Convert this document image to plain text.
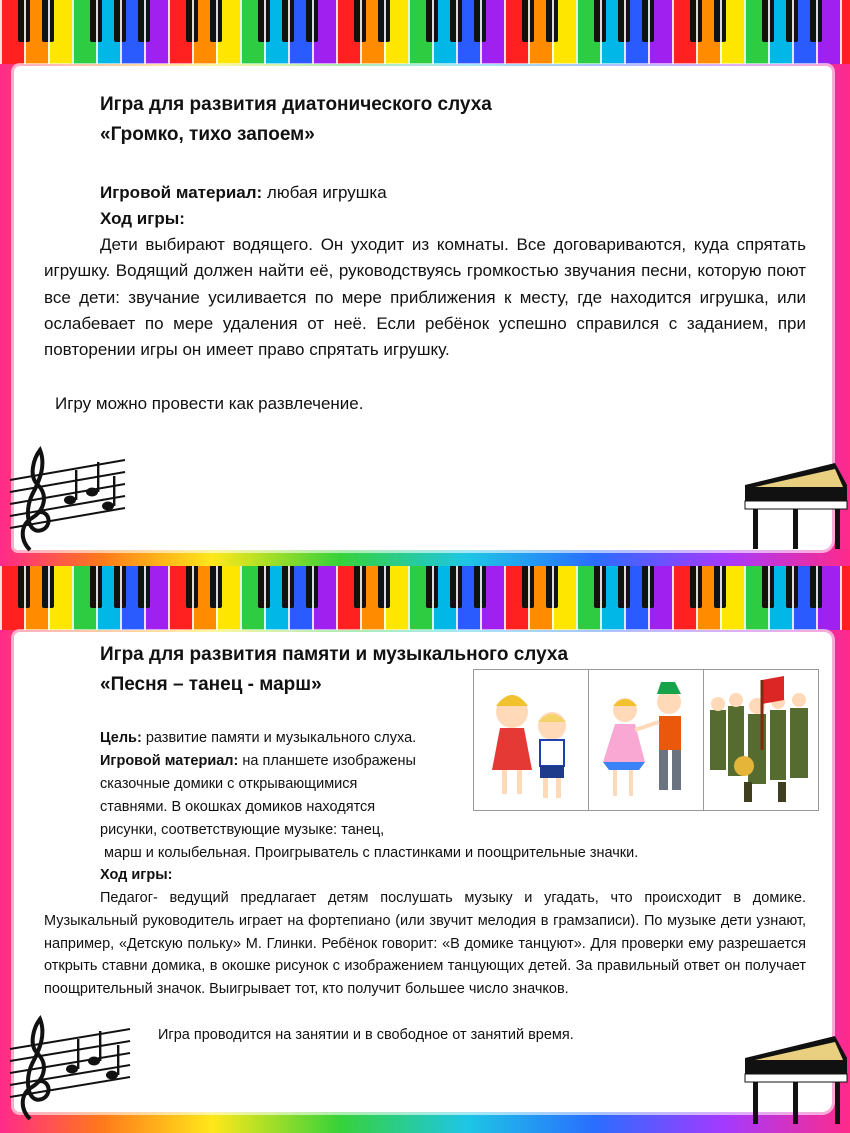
Игра для развития диатонического слуха
«Громко, тихо запоем»
Игровой материал: любая игрушка
Ход игры:
Дети выбирают водящего. Он уходит из комнаты. Все договариваются, куда спрятать игрушку. Водящий должен найти её, руководствуясь громкостью звучания песни, которую поют все дети: звучание усиливается по мере приближения к месту, где находится игрушка, или ослабевает по мере удаления от неё. Если ребёнок успешно справился с заданием, при повторении игры он имеет право спрятать игрушку.
Игру можно провести как развлечение.
Игра для развития памяти и музыкального слуха
«Песня – танец - марш»
Цель: развитие памяти и музыкального слуха.
Игровой материал: на планшете изображены
сказочные домики с открывающимися
ставнями. В окошках домиков находятся
рисунки, соответствующие музыке: танец,
марш и колыбельная. Проигрыватель с пластинками и поощрительные значки.
Ход игры:
Педагог- ведущий предлагает детям послушать музыку и угадать, что происходит в домике. Музыкальный руководитель играет на фортепиано (или звучит мелодия в грамзаписи). По музыке дети узнают, например, «Детскую польку» М. Глинки. Ребёнок говорит: «В домике танцуют». Для проверки ему разрешается открыть ставни домика, в окошке рисунок с изображением танцующих детей. За правильный ответ он получает поощрительный значок. Выигрывает тот, кто получит большее число значков.
Игра проводится на занятии и в свободное от занятий время.
